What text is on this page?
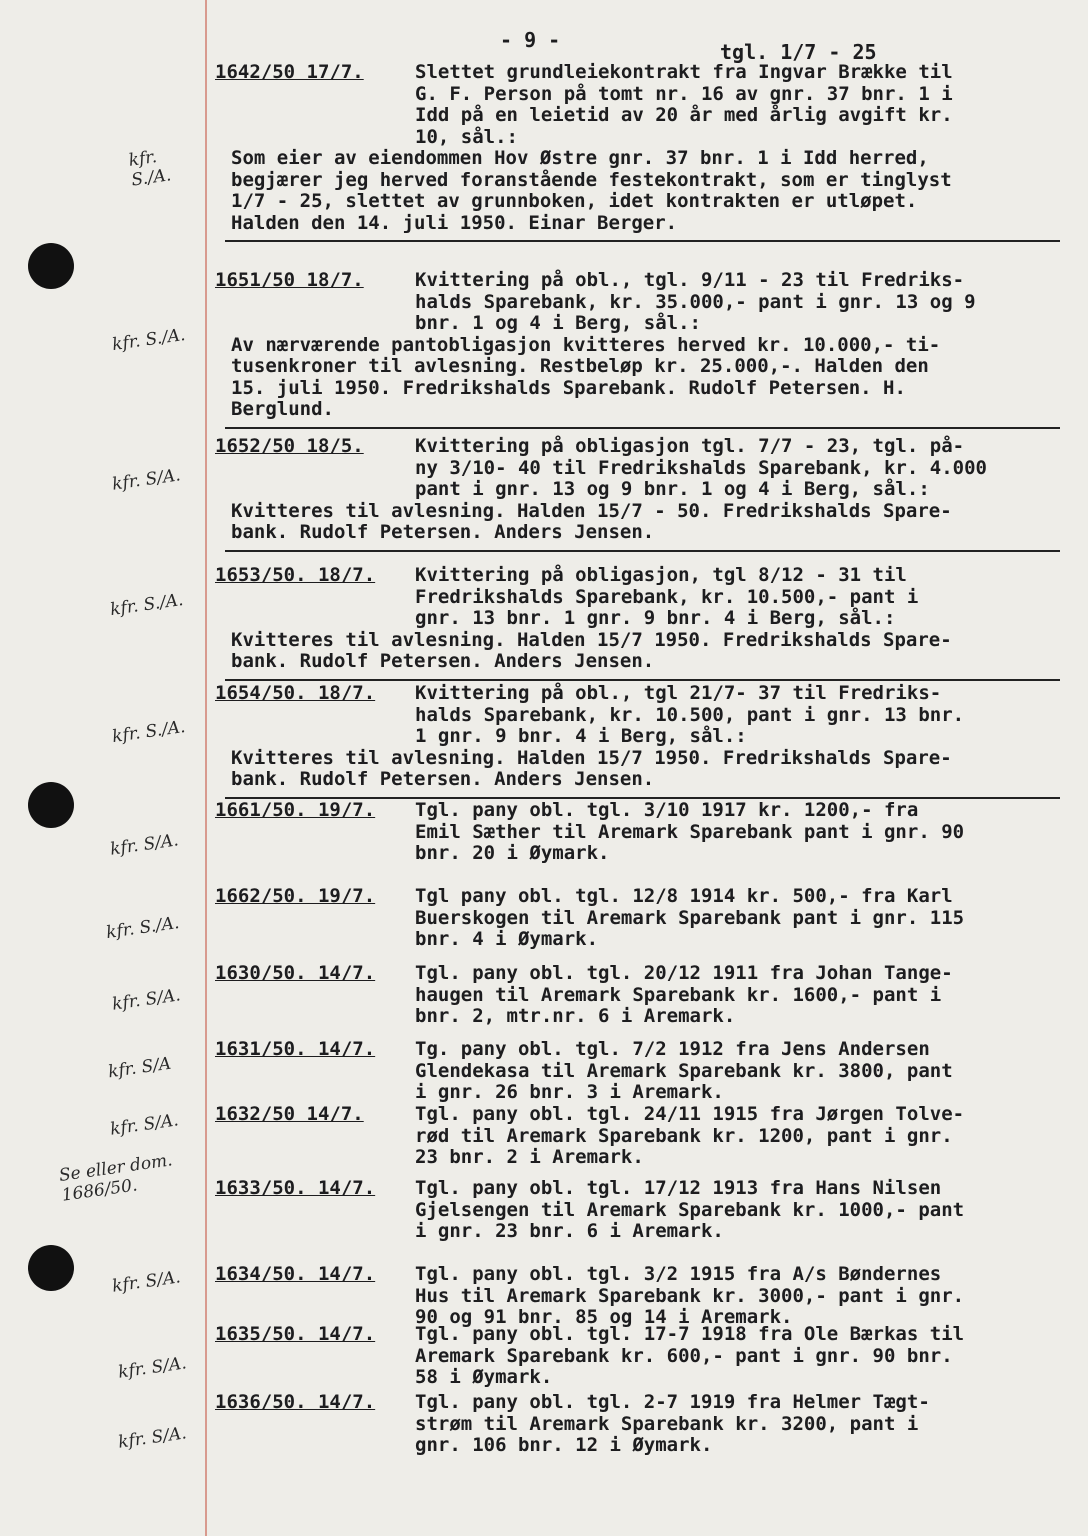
- 9 -	tgl. 1/7 - 25
1642/50 17/7.	Slettet grundleiekontrakt fra Ingvar Brække til
G. F. Person på tomt nr. 16 av gnr. 37 bnr. 1 i
Idd på en leietid av 20 år med årlig avgift kr.
10, sål.:
Som eier av eiendommen Hov Østre gnr. 37 bnr. 1 i Idd herred,
begjærer jeg herved foranstående festekontrakt, som er tinglyst
1/7 - 25, slettet av grunnboken, idet kontrakten er utløpet.
Halden den 14. juli 1950. Einar Berger.
1651/50 18/7.	Kvittering på obl., tgl. 9/11 - 23 til Fredriks-
halds Sparebank, kr. 35.000,- pant i gnr. 13 og 9
bnr. 1 og 4 i Berg, sål.:
Av nærværende pantobligasjon kvitteres herved kr. 10.000,- ti-
tusenkroner til avlesning. Restbeløp kr. 25.000,-. Halden den
15. juli 1950. Fredrikshalds Sparebank. Rudolf Petersen. H.
Berglund.
1652/50 18/5.	Kvittering på obligasjon tgl. 7/7 - 23, tgl. på-
ny 3/10- 40 til Fredrikshalds Sparebank, kr. 4.000
pant i gnr. 13 og 9 bnr. 1 og 4 i Berg, sål.:
Kvitteres til avlesning. Halden 15/7 - 50. Fredrikshalds Spare-
bank. Rudolf Petersen. Anders Jensen.
1653/50. 18/7. Kvittering på obligasjon, tgl 8/12 - 31 til
Fredrikshalds Sparebank, kr. 10.500,- pant i
gnr. 13 bnr. 1 gnr. 9 bnr. 4 i Berg, sål.:
Kvitteres til avlesning. Halden 15/7 1950. Fredrikshalds Spare-
bank. Rudolf Petersen. Anders Jensen.
1654/50. 18/7. Kvittering på obl., tgl 21/7- 37 til Fredriks-
halds Sparebank, kr. 10.500, pant i gnr. 13 bnr.
1 gnr. 9 bnr. 4 i Berg, sål.:
Kvitteres til avlesning. Halden 15/7 1950. Fredrikshalds Spare-
bank. Rudolf Petersen. Anders Jensen.
1661/50. 19/7. Tgl. pany obl. tgl. 3/10 1917 kr. 1200,- fra
Emil Sæther til Aremark Sparebank pant i gnr. 90
bnr. 20 i Øymark.
1662/50. 19/7. Tgl pany obl. tgl. 12/8 1914 kr. 500,- fra Karl
Buerskogen til Aremark Sparebank pant i gnr. 115
bnr. 4 i Øymark.
1630/50. 14/7. Tgl. pany obl. tgl. 20/12 1911 fra Johan Tange-
haugen til Aremark Sparebank kr. 1600,- pant i
bnr. 2, mtr.nr. 6 i Aremark.
1631/50. 14/7. Tg. pany obl. tgl. 7/2 1912 fra Jens Andersen
Glendekasa til Aremark Sparebank kr. 3800, pant
i gnr. 26 bnr. 3 i Aremark.
1632/50 14/7.	Tgl. pany obl. tgl. 24/11 1915 fra Jørgen Tolve-
rød til Aremark Sparebank kr. 1200, pant i gnr.
23 bnr. 2 i Aremark.
1633/50. 14/7. Tgl. pany obl. tgl. 17/12 1913 fra Hans Nilsen
Gjelsengen til Aremark Sparebank kr. 1000,- pant
i gnr. 23 bnr. 6 i Aremark.
1634/50. 14/7. Tgl. pany obl. tgl. 3/2 1915 fra A/s Bøndernes
Hus til Aremark Sparebank kr. 3000,- pant i gnr.
90 og 91 bnr. 85 og 14 i Aremark.
1635/50. 14/7. Tgl. pany obl. tgl. 17-7 1918 fra Ole Bærkas til
Aremark Sparebank kr. 600,- pant i gnr. 90 bnr.
58 i Øymark.
1636/50. 14/7. Tgl. pany obl. tgl. 2-7 1919 fra Helmer Tægt-
strøm til Aremark Sparebank kr. 3200, pant i
gnr. 106 bnr. 12 i Øymark.
kfr.
S./A.
kfr. S./A.
kfr. S/A.
kfr. S./A.
kfr. S./A.
kfr. S/A.
kfr. S./A.
kfr. S/A.
kfr. S/A
kfr. S/A.
Se eller dom.
1686/50.
kfr. S/A.
kfr. S/A.
kfr. S/A.
